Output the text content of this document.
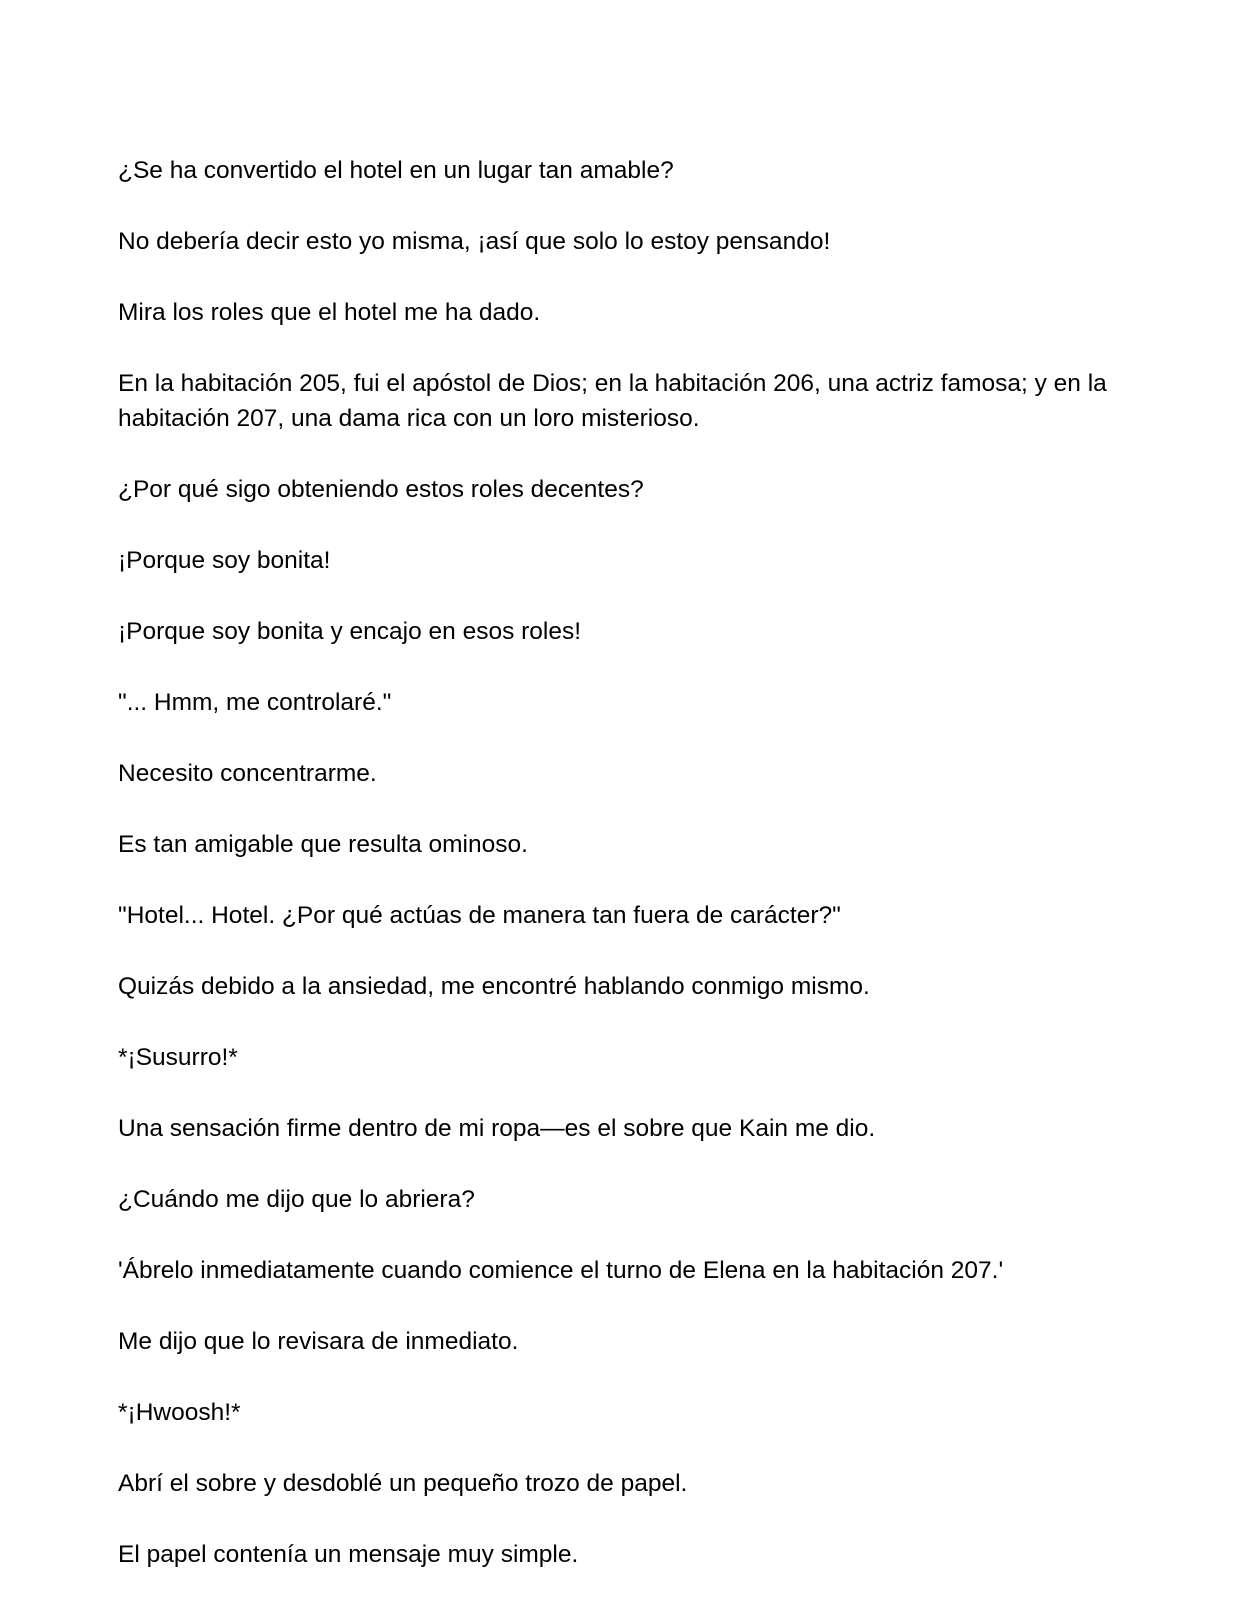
¿Se ha convertido el hotel en un lugar tan amable?

No debería decir esto yo misma, ¡así que solo lo estoy pensando!

Mira los roles que el hotel me ha dado.

En la habitación 205, fui el apóstol de Dios; en la habitación 206, una actriz famosa; y en la habitación 207, una dama rica con un loro misterioso.

¿Por qué sigo obteniendo estos roles decentes?

¡Porque soy bonita!

¡Porque soy bonita y encajo en esos roles!

"... Hmm, me controlaré."

Necesito concentrarme.

Es tan amigable que resulta ominoso.

"Hotel... Hotel. ¿Por qué actúas de manera tan fuera de carácter?"

Quizás debido a la ansiedad, me encontré hablando conmigo mismo.

*¡Susurro!*

Una sensación firme dentro de mi ropa—es el sobre que Kain me dio.

¿Cuándo me dijo que lo abriera?

'Ábrelo inmediatamente cuando comience el turno de Elena en la habitación 207.'

Me dijo que lo revisara de inmediato.

*¡Hwoosh!*

Abrí el sobre y desdoblé un pequeño trozo de papel.

El papel contenía un mensaje muy simple.
